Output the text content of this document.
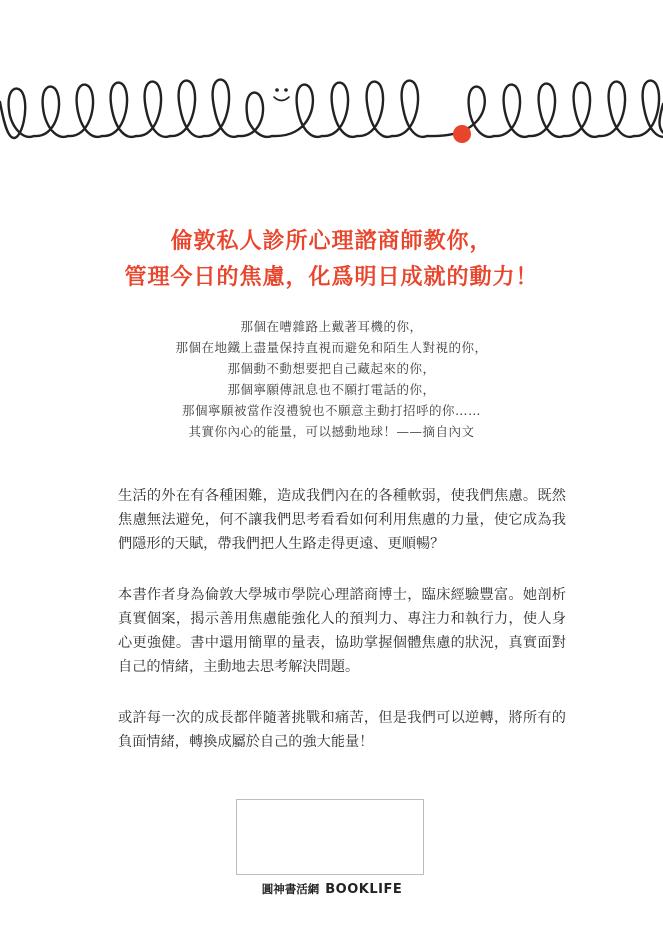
倫敦私人診所心理諮商師教你，
管理今日的焦慮，化爲明日成就的動力！
那個在嘈雜路上戴著耳機的你，
那個在地鐵上盡量保持直視而避免和陌生人對視的你，
那個動不動想要把自己藏起來的你，
那個寧願傳訊息也不願打電話的你，
那個寧願被當作沒禮貌也不願意主動打招呼的你……
其實你內心的能量，可以撼動地球！——摘自內文

生活的外在有各種困難，造成我們內在的各種軟弱，使我們焦慮。既然焦慮無法避免，何不讓我們思考看看如何利用焦慮的力量，使它成為我們隱形的天賦，帶我們把人生路走得更遠、更順暢？

本書作者身為倫敦大學城市學院心理諮商博士，臨床經驗豐富。她剖析真實個案，揭示善用焦慮能強化人的預判力、專注力和執行力，使人身心更強健。書中還用簡單的量表，協助掌握個體焦慮的狀況，真實面對自己的情緒，主動地去思考解決問題。

或許每一次的成長都伴隨著挑戰和痛苦，但是我們可以逆轉，將所有的負面情緒，轉換成屬於自己的強大能量！

圓神書活網 BOOKLIFE
